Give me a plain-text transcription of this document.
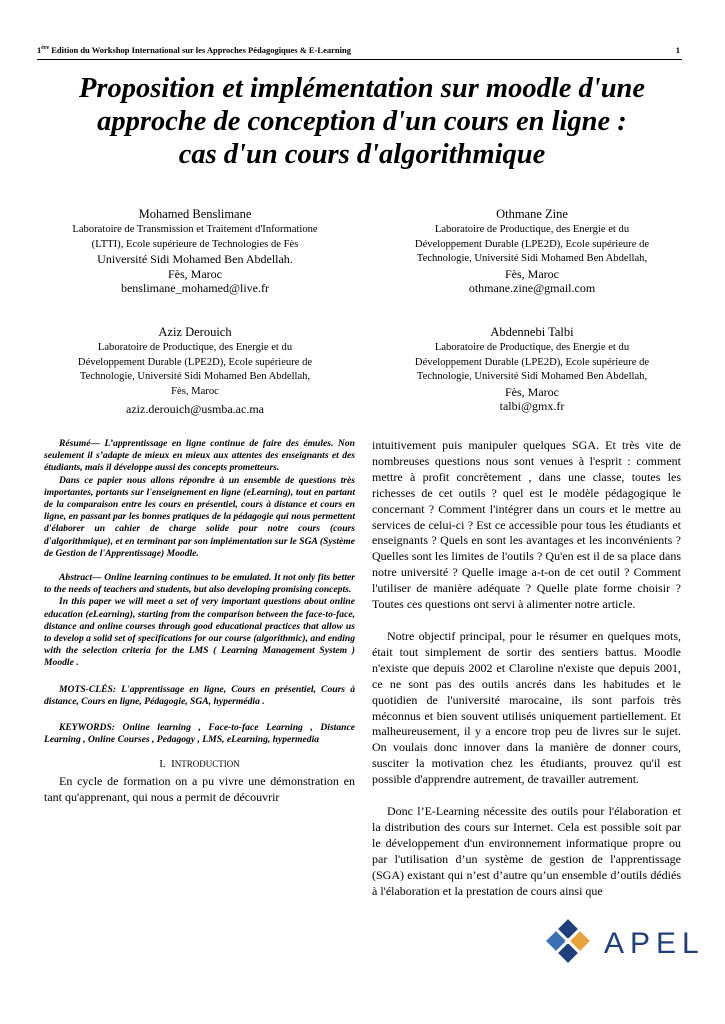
1ère Edition du Workshop International sur les Approches Pédagogiques & E-Learning	1
Proposition et implémentation sur moodle d'une
approche de conception d'un cours en ligne :
cas d'un cours d'algorithmique
Mohamed Benslimane
Laboratoire de Transmission et Traitement d'Informatione
(LTTI), Ecole supérieure de Technologies de Fès
Université Sidi Mohamed Ben Abdellah.
Fès, Maroc
benslimane_mohamed@live.fr
Othmane Zine
Laboratoire de Productique, des Energie et du
Développement Durable (LPE2D), Ecole supérieure de
Technologie, Université Sidi Mohamed Ben Abdellah,
Fès, Maroc
othmane.zine@gmail.com
Aziz Derouich
Laboratoire de Productique, des Energie et du
Développement Durable (LPE2D), Ecole supérieure de
Technologie, Université Sidi Mohamed Ben Abdellah,
Fès, Maroc
aziz.derouich@usmba.ac.ma
Abdennebi Talbi
Laboratoire de Productique, des Energie et du
Développement Durable (LPE2D), Ecole supérieure de
Technologie, Université Sidi Mohamed Ben Abdellah,
Fès, Maroc
talbi@gmx.fr

Résumé— L’apprentissage en ligne continue de faire des émules. Non seulement il s’adapte de mieux en mieux aux attentes des enseignants et des étudiants, mais il développe aussi des concepts prometteurs.

Dans ce papier nous allons répondre à un ensemble de questions très importantes, portants sur l'enseignement en ligne (eLearning), tout en partant de la comparaison entre les cours en présentiel, cours à distance et cours en ligne, en passant par les bonnes pratiques de la pédagogie qui nous permettent d'élaborer un cahier de charge solide pour notre cours (cours d'algorithmique), et en terminant par son implémentation sur le SGA (Système de Gestion de l'Apprentissage) Moodle.

Abstract— Online learning continues to be emulated. It not only fits better to the needs of teachers and students, but also developing promising concepts.

In this paper we will meet a set of very important questions about online education (eLearning), starting from the comparison between the face-to-face, distance and online courses through good educational practices that allow us to develop a solid set of specifications for our course (algorithmic), and ending with the selection criteria for the LMS ( Learning Management System ) Moodle .

MOTS-CLÉS: L'apprentissage en ligne, Cours en présentiel, Cours à distance, Cours en ligne, Pédagogie, SGA, hypermédia .

KEYWORDS: Online learning , Face-to-face Learning , Distance Learning , Online Courses , Pedagogy , LMS, eLearning, hypermedia

I. INTRODUCTION

En cycle de formation on a pu vivre une démonstration en tant qu'apprenant, qui nous a permit de découvrir

intuitivement puis manipuler quelques SGA. Et très vite de nombreuses questions nous sont venues à l'esprit : comment mettre à profit concrètement , dans une classe, toutes les richesses de cet outils ? quel est le modèle pédagogique le concernant ? Comment l'intégrer dans un cours et le mettre au services de celui-ci ? Est ce accessible pour tous les étudiants et enseignants ? Quels en sont les avantages et les inconvénients ? Quelles sont les limites de l'outils ? Qu'en est il de sa place dans notre université ? Quelle image a-t-on de cet outil ? Comment l'utiliser de manière adéquate ? Quelle plate forme choisir ? Toutes ces questions ont servi à alimenter notre article.

Notre objectif principal, pour le résumer en quelques mots, était tout simplement de sortir des sentiers battus. Moodle n'existe que depuis 2002 et Claroline n'existe que depuis 2001, ce ne sont pas des outils ancrés dans les habitudes et le quotidien de l'université marocaine, ils sont parfois très méconnus et bien souvent utilisés uniquement partiellement. Et malheureusement, il y a encore trop peu de livres sur le sujet. On voulais donc innover dans la manière de donner cours, susciter la motivation chez les étudiants, prouvez qu'il est possible d'apprendre autrement, de travailler autrement.

Donc l’E-Learning nécessite des outils pour l'élaboration et la distribution des cours sur Internet. Cela est possible soit par le développement d'un environnement informatique propre ou par l'utilisation d’un système de gestion de l'apprentissage (SGA) existant qui n’est d’autre qu’un ensemble d’outils dédiés à l'élaboration et la prestation de cours ainsi que

APEL
